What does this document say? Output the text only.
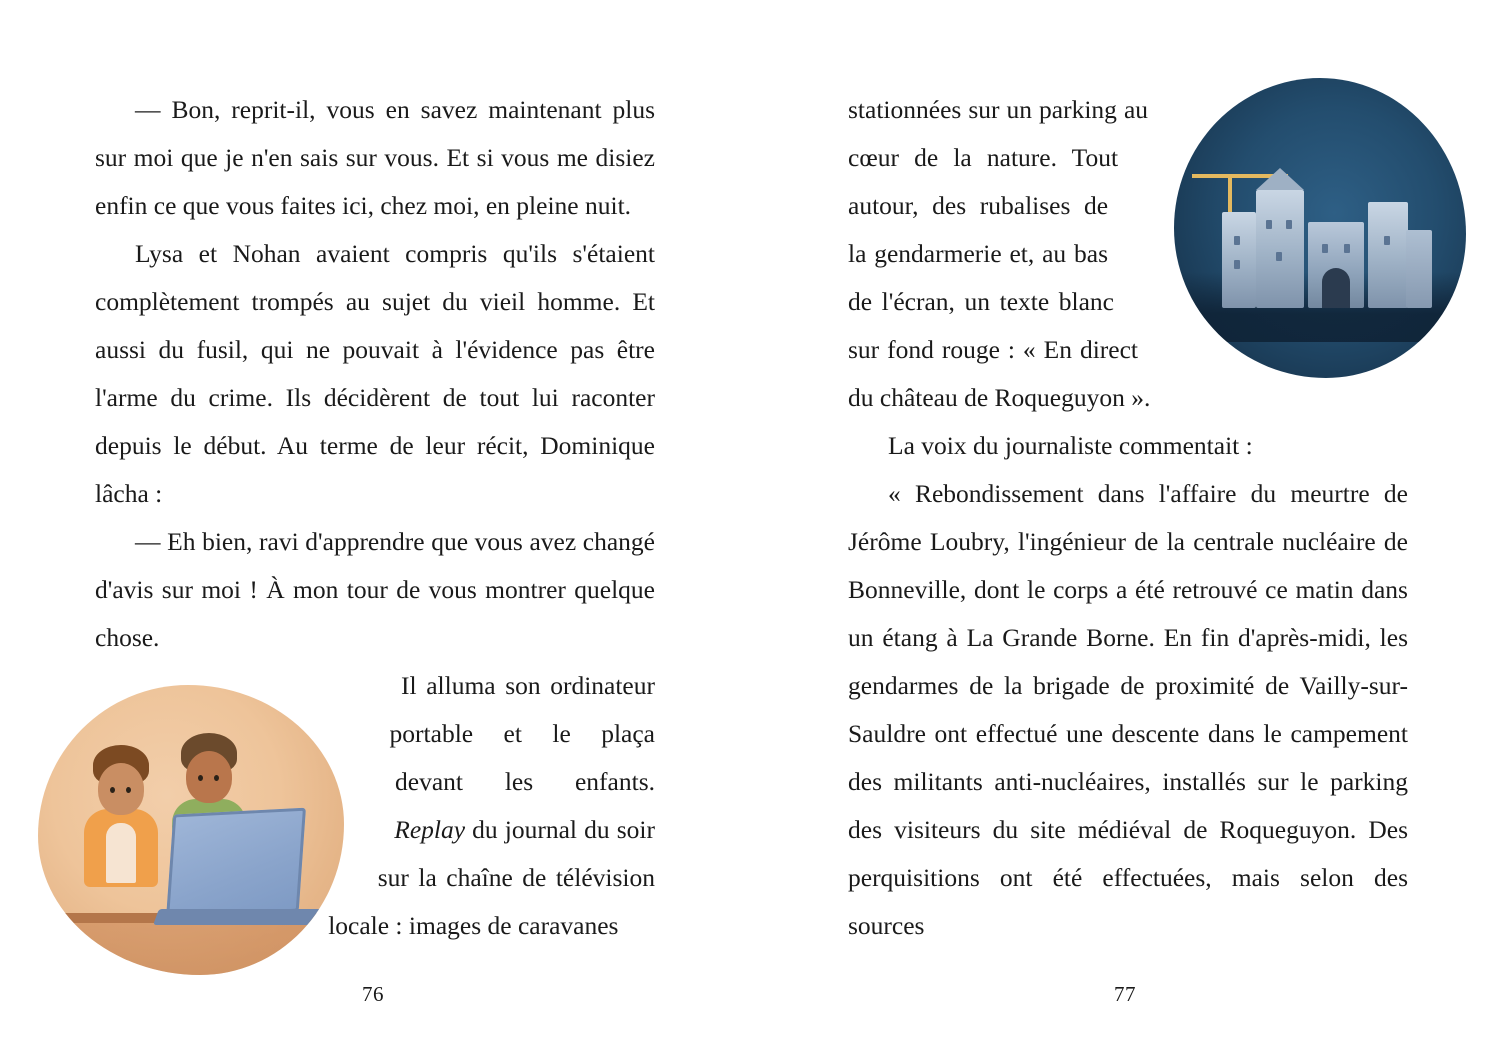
— Bon, reprit-il, vous en savez maintenant plus sur moi que je n'en sais sur vous. Et si vous me disiez enfin ce que vous faites ici, chez moi, en pleine nuit.

Lysa et Nohan avaient compris qu'ils s'étaient complètement trompés au sujet du vieil homme. Et aussi du fusil, qui ne pouvait à l'évidence pas être l'arme du crime. Ils décidèrent de tout lui raconter depuis le début. Au terme de leur récit, Dominique lâcha :

— Eh bien, ravi d'apprendre que vous avez changé d'avis sur moi ! À mon tour de vous montrer quelque chose.

Il alluma son ordinateur portable et le plaça devant les enfants. Replay du journal du soir sur la chaîne de télévision locale : images de caravanes

76

stationnées sur un parking au cœur de la nature. Tout autour, des rubalises de la gendarmerie et, au bas de l'écran, un texte blanc sur fond rouge : « En direct du château de Roqueguyon ».

La voix du journaliste commentait :

« Rebondissement dans l'affaire du meurtre de Jérôme Loubry, l'ingénieur de la centrale nucléaire de Bonneville, dont le corps a été retrouvé ce matin dans un étang à La Grande Borne. En fin d'après-midi, les gendarmes de la brigade de proximité de Vailly-sur-Sauldre ont effectué une descente dans le campement des militants anti-nucléaires, installés sur le parking des visiteurs du site médiéval de Roqueguyon. Des perquisitions ont été effectuées, mais selon des sources

77
